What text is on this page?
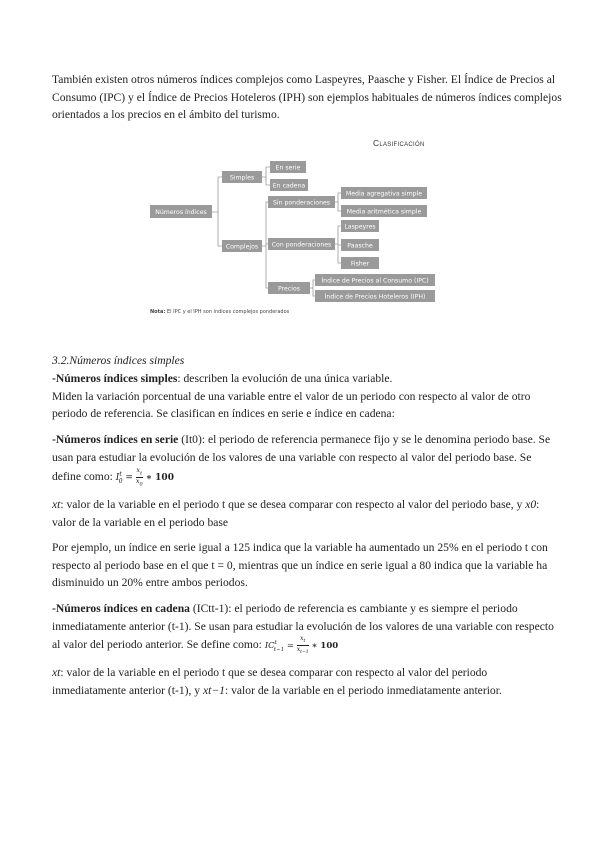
También existen otros números índices complejos como Laspeyres, Paasche y Fisher. El Índice de Precios al Consumo (IPC) y el Índice de Precios Hoteleros (IPH) son ejemplos habituales de números índices complejos orientados a los precios en el ámbito del turismo.

Clasificación
Números índices
Simples
En serie
En cadena
Complejos
Sin ponderaciones
Media agregativa simple
Media aritmética simple
Con ponderaciones
Laspeyres
Paasche
Fisher
Precios
Índice de Precios al Consumo (IPC)
Índice de Precios Hoteleros (IPH)
Nota: El IPC y el IPH son índices complejos ponderados

3.2.Números índices simples

-Números índices simples: describen la evolución de una única variable.
Miden la variación porcentual de una variable entre el valor de un periodo con respecto al valor de otro periodo de referencia. Se clasifican en índices en serie e índice en cadena:

-Números índices en serie (It0): el periodo de referencia permanece fijo y se le denomina periodo base. Se usan para estudiar la evolución de los valores de una variable con respecto al valor del periodo base. Se define como: $I^t_0 = \frac{x_t}{x_0}$ ∗ 100

xt: valor de la variable en el periodo t que se desea comparar con respecto al valor del periodo base, y x0: valor de la variable en el periodo base

Por ejemplo, un índice en serie igual a 125 indica que la variable ha aumentado un 25% en el periodo t con respecto al periodo base en el que t = 0, mientras que un índice en serie igual a 80 indica que la variable ha disminuido un 20% entre ambos periodos.

-Números índices en cadena (ICtt-1): el periodo de referencia es cambiante y es siempre el periodo inmediatamente anterior (t-1). Se usan para estudiar la evolución de los valores de una variable con respecto al valor del periodo anterior. Se define como: $IC^t_{t-1} = \frac{x_t}{x_{t-1}}$ ∗ 100

xt: valor de la variable en el periodo t que se desea comparar con respecto al valor del periodo inmediatamente anterior (t-1), y xt−1: valor de la variable en el periodo inmediatamente anterior.
